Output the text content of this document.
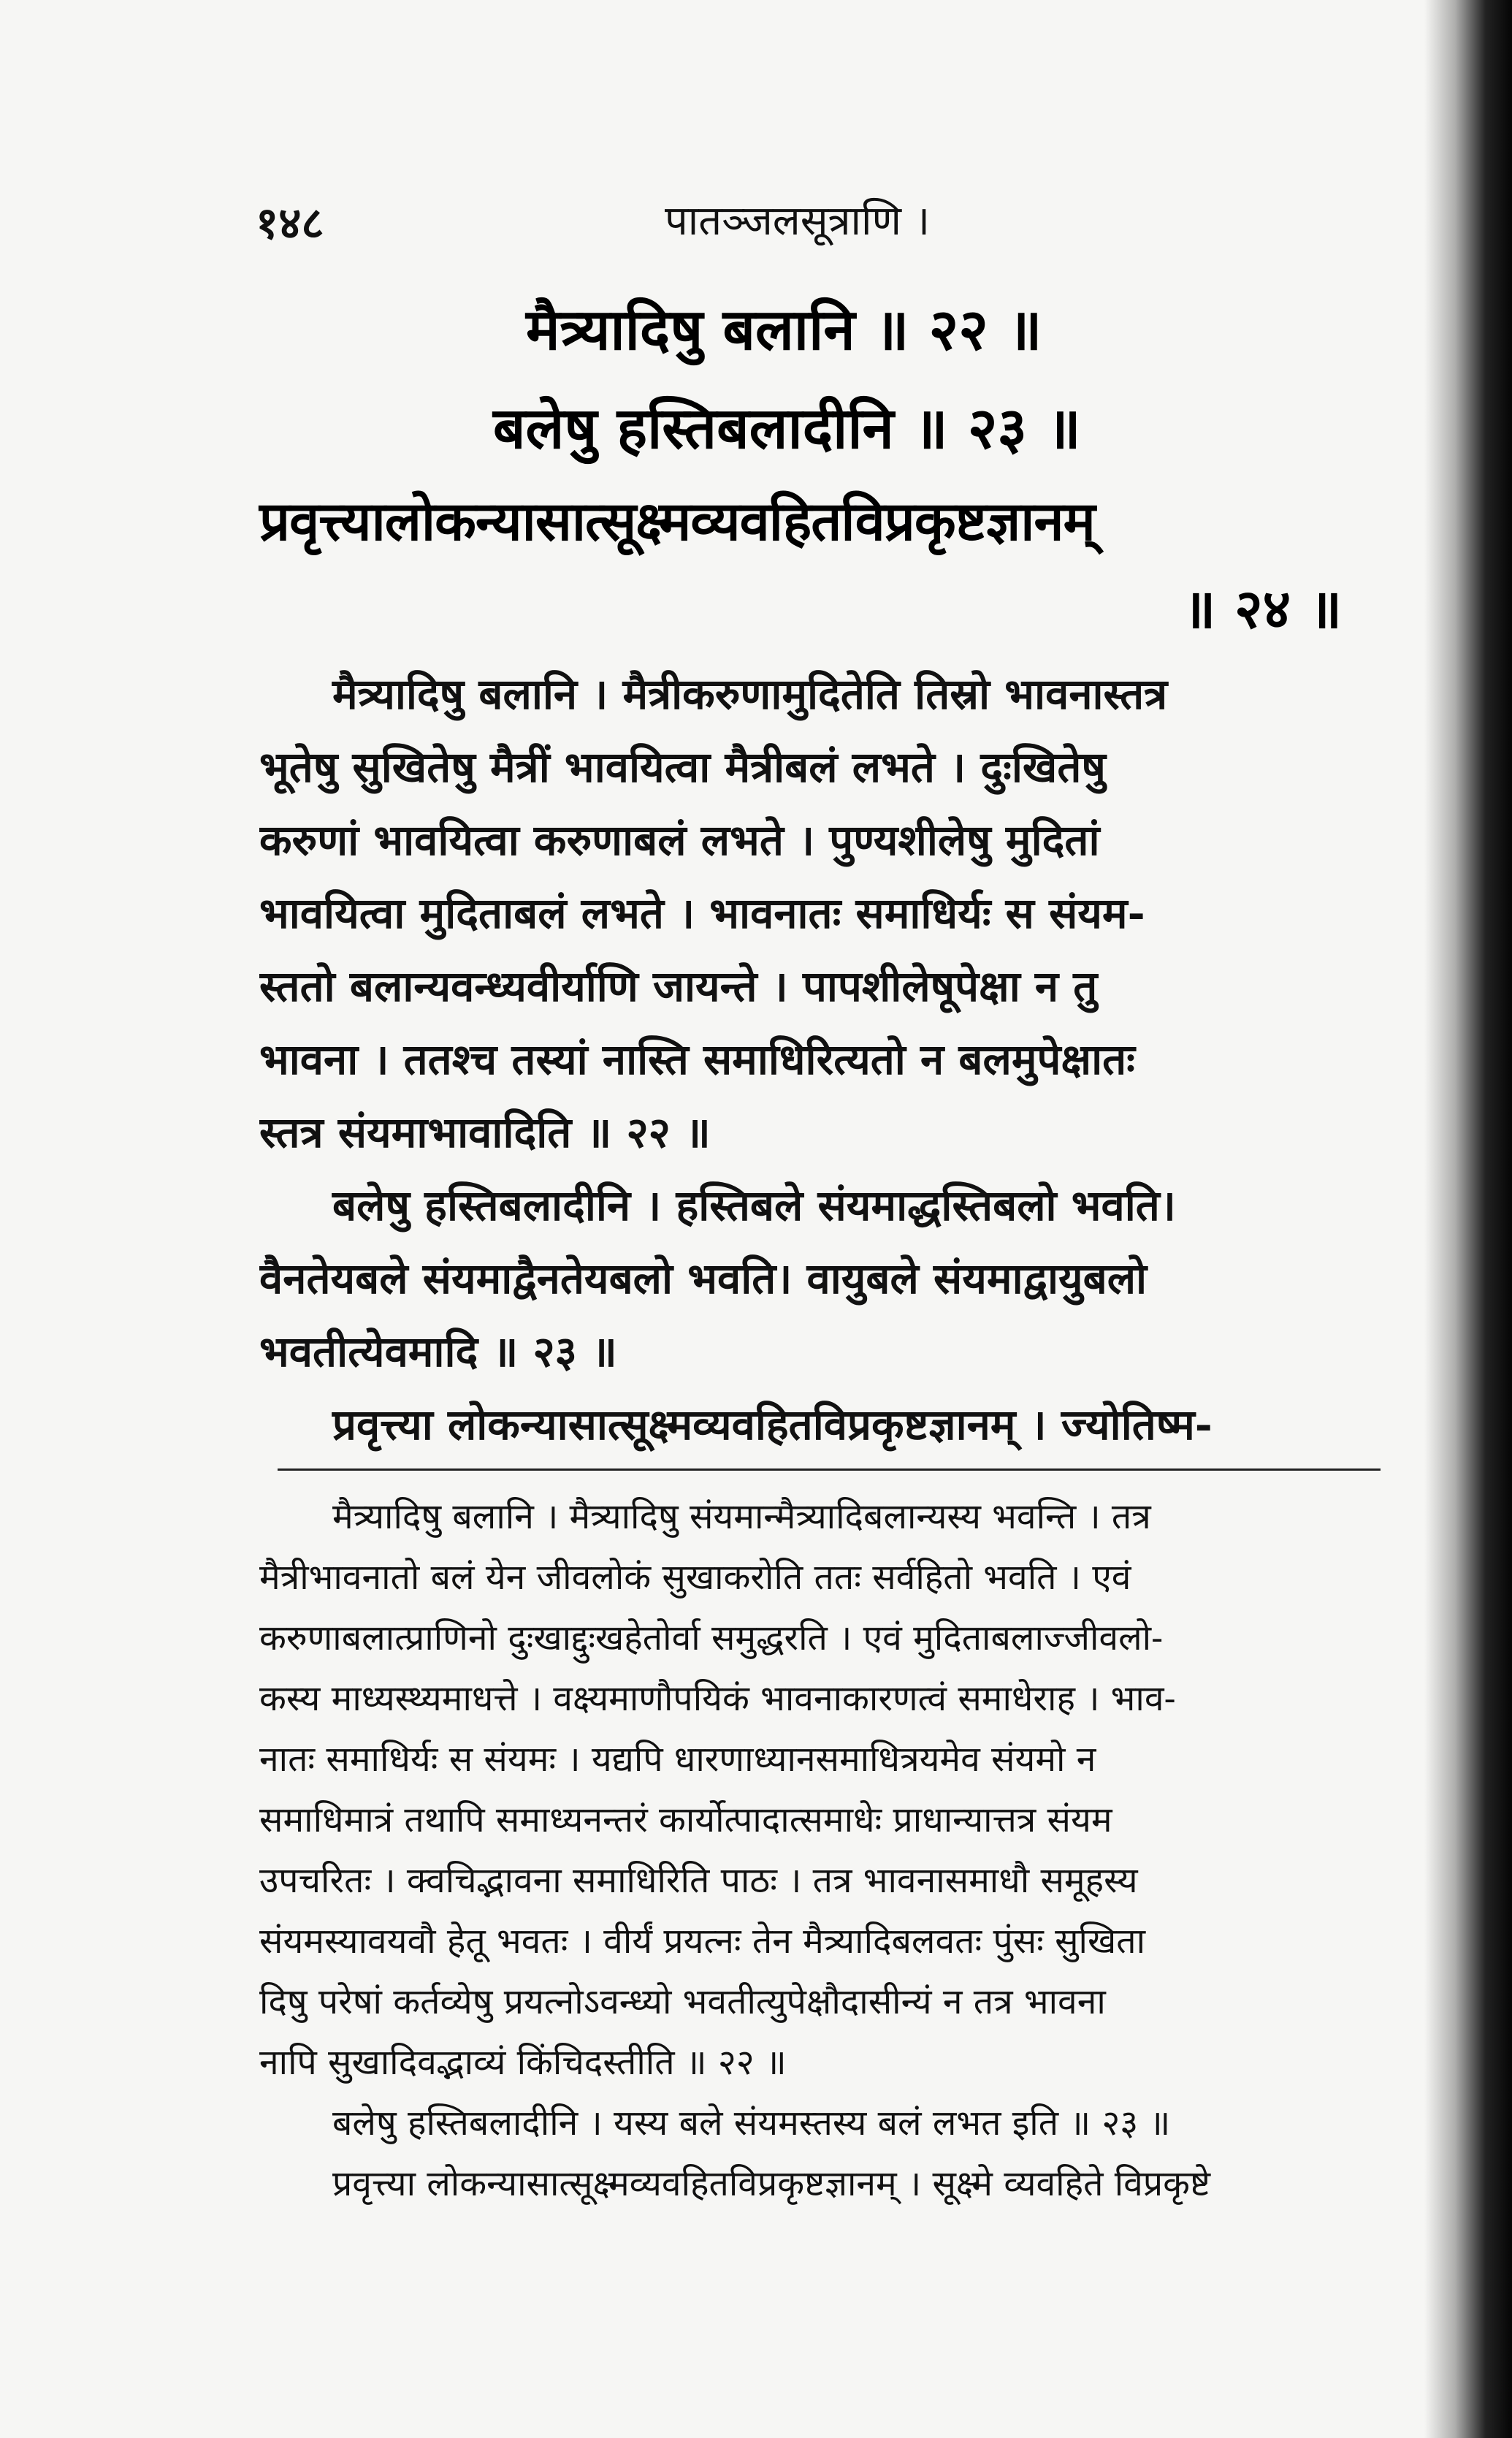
१४८	पातञ्जलसूत्राणि ।
मैत्र्यादिषु बलानि ॥ २२ ॥
बलेषु हस्तिबलादीनि ॥ २३ ॥
प्रवृत्त्यालोकन्यासात्सूक्ष्मव्यवहितविप्रकृष्टज्ञानम्
॥ २४ ॥
मैत्र्यादिषु बलानि । मैत्रीकरुणामुदितेति तिस्रो भावनास्तत्र
भूतेषु सुखितेषु मैत्रीं भावयित्वा मैत्रीबलं लभते । दुःखितेषु
करुणां भावयित्वा करुणाबलं लभते । पुण्यशीलेषु मुदितां
भावयित्वा मुदिताबलं लभते । भावनातः समाधिर्यः स संयम-
स्ततो बलान्यवन्ध्यवीर्याणि जायन्ते । पापशीलेषूपेक्षा न तु
भावना । ततश्च तस्यां नास्ति समाधिरित्यतो न बलमुपेक्षातः
स्तत्र संयमाभावादिति ॥ २२ ॥
बलेषु हस्तिबलादीनि । हस्तिबले संयमाद्धस्तिबलो भवति।
वैनतेयबले संयमाद्वैनतेयबलो भवति। वायुबले संयमाद्वायुबलो
भवतीत्येवमादि ॥ २३ ॥
प्रवृत्त्या लोकन्यासात्सूक्ष्मव्यवहितविप्रकृष्टज्ञानम् । ज्योतिष्म-
मैत्र्यादिषु बलानि । मैत्र्यादिषु संयमान्मैत्र्यादिबलान्यस्य भवन्ति । तत्र
मैत्रीभावनातो बलं येन जीवलोकं सुखाकरोति ततः सर्वहितो भवति । एवं
करुणाबलात्प्राणिनो दुःखाद्दुःखहेतोर्वा समुद्धरति । एवं मुदिताबलाज्जीवलो-
कस्य माध्यस्थ्यमाधत्ते । वक्ष्यमाणौपयिकं भावनाकारणत्वं समाधेराह । भाव-
नातः समाधिर्यः स संयमः । यद्यपि धारणाध्यानसमाधित्रयमेव संयमो न
समाधिमात्रं तथापि समाध्यनन्तरं कार्योत्पादात्समाधेः प्राधान्यात्तत्र संयम
उपचरितः । क्वचिद्भावना समाधिरिति पाठः । तत्र भावनासमाधौ समूहस्य
संयमस्यावयवौ हेतू भवतः । वीर्यं प्रयत्नः तेन मैत्र्यादिबलवतः पुंसः सुखिता
दिषु परेषां कर्तव्येषु प्रयत्नोऽवन्ध्यो भवतीत्युपेक्षौदासीन्यं न तत्र भावना
नापि सुखादिवद्भाव्यं किंचिदस्तीति ॥ २२ ॥
बलेषु हस्तिबलादीनि । यस्य बले संयमस्तस्य बलं लभत इति ॥ २३ ॥
प्रवृत्त्या लोकन्यासात्सूक्ष्मव्यवहितविप्रकृष्टज्ञानम् । सूक्ष्मे व्यवहिते विप्रकृष्टे
